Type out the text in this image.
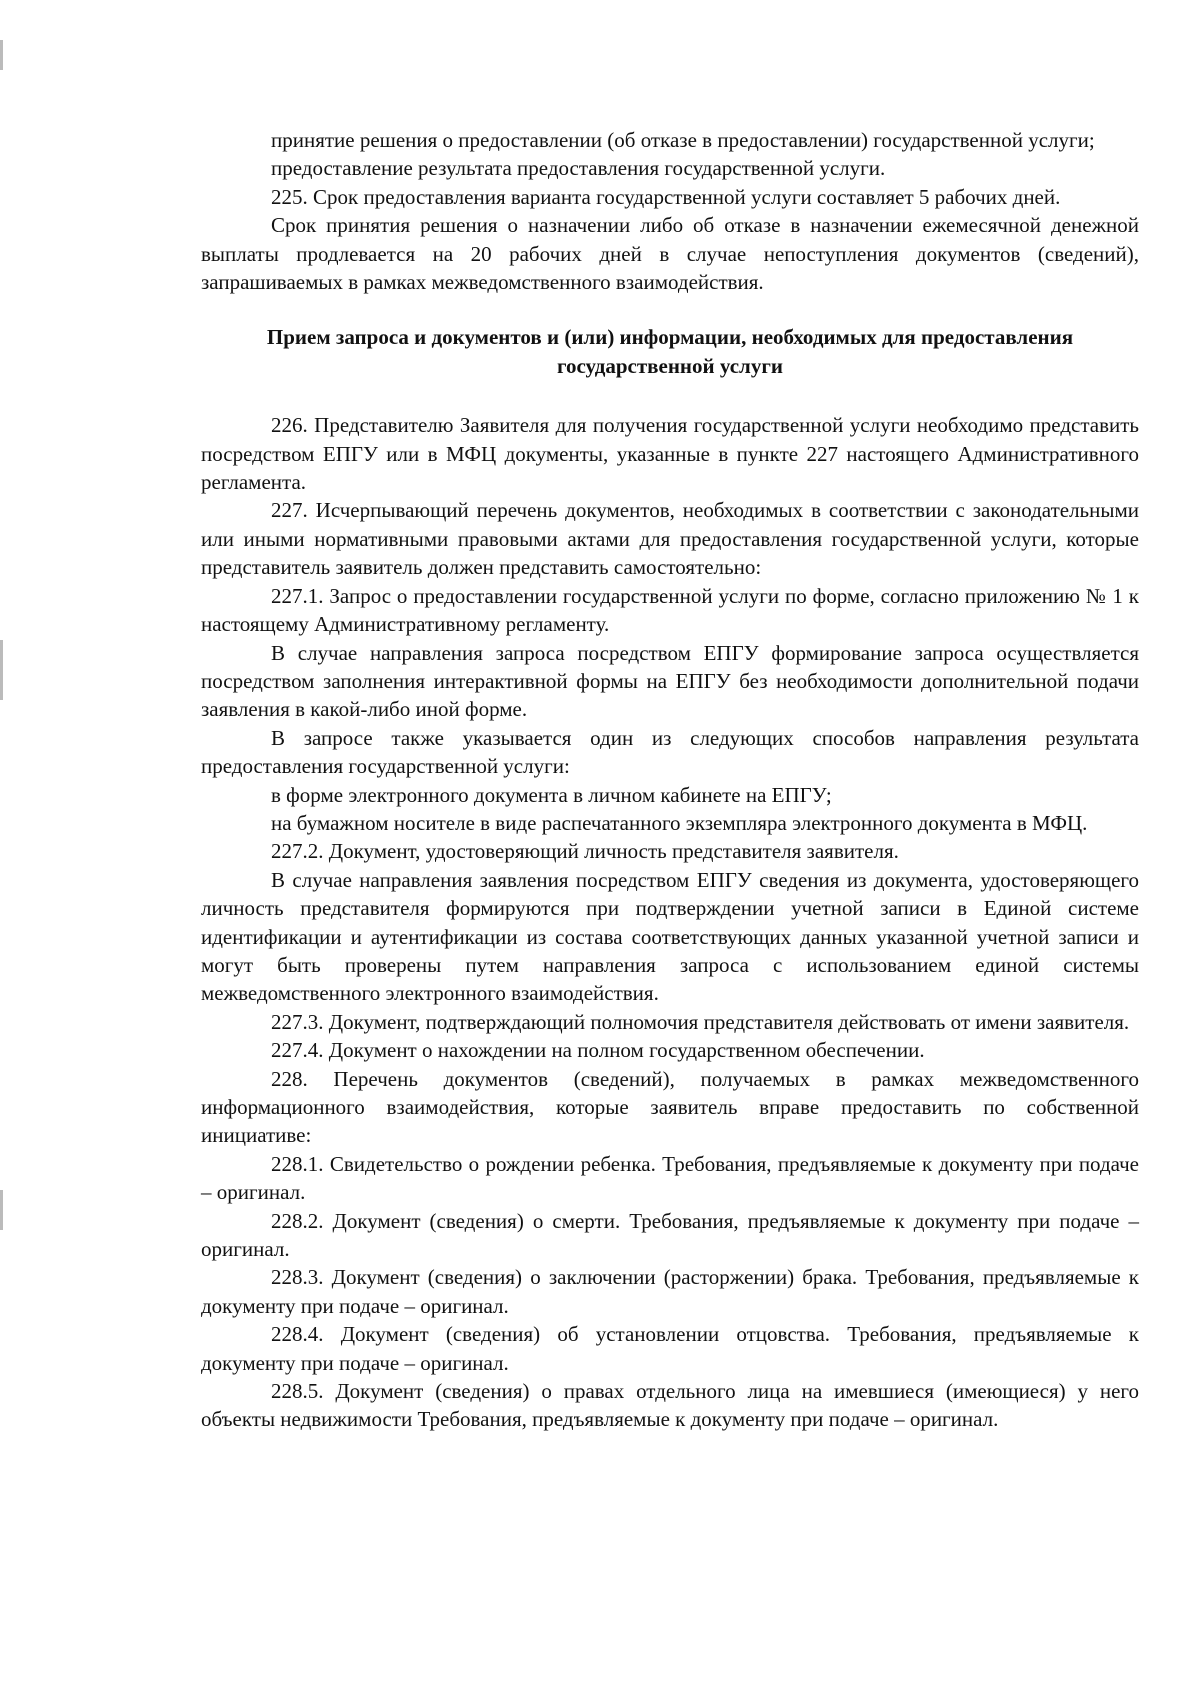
принятие решения о предоставлении (об отказе в предоставлении) государственной услуги;

предоставление результата предоставления государственной услуги.

225. Срок предоставления варианта государственной услуги составляет 5 рабочих дней.

Срок принятия решения о назначении либо об отказе в назначении ежемесячной денежной выплаты продлевается на 20 рабочих дней в случае непоступления документов (сведений), запрашиваемых в рамках межведомственного взаимодействия.

Прием запроса и документов и (или) информации, необходимых для предоставления государственной услуги

226. Представителю Заявителя для получения государственной услуги необходимо представить посредством ЕПГУ или в МФЦ документы, указанные в пункте 227 настоящего Административного регламента.

227. Исчерпывающий перечень документов, необходимых в соответствии с законодательными или иными нормативными правовыми актами для предоставления государственной услуги, которые представитель заявитель должен представить самостоятельно:

227.1. Запрос о предоставлении государственной услуги по форме, согласно приложению № 1 к настоящему Административному регламенту.

В случае направления запроса посредством ЕПГУ формирование запроса осуществляется посредством заполнения интерактивной формы на ЕПГУ без необходимости дополнительной подачи заявления в какой-либо иной форме.

В запросе также указывается один из следующих способов направления результата предоставления государственной услуги:

в форме электронного документа в личном кабинете на ЕПГУ;

на бумажном носителе в виде распечатанного экземпляра электронного документа в МФЦ.

227.2. Документ, удостоверяющий личность представителя заявителя.

В случае направления заявления посредством ЕПГУ сведения из документа, удостоверяющего личность представителя формируются при подтверждении учетной записи в Единой системе идентификации и аутентификации из состава соответствующих данных указанной учетной записи и могут быть проверены путем направления запроса с использованием единой системы межведомственного электронного взаимодействия.

227.3. Документ, подтверждающий полномочия представителя действовать от имени заявителя.

227.4. Документ о нахождении на полном государственном обеспечении.

228. Перечень документов (сведений), получаемых в рамках межведомственного информационного взаимодействия, которые заявитель вправе предоставить по собственной инициативе:

228.1. Свидетельство о рождении ребенка. Требования, предъявляемые к документу при подаче – оригинал.

228.2. Документ (сведения) о смерти. Требования, предъявляемые к документу при подаче – оригинал.

228.3. Документ (сведения) о заключении (расторжении) брака. Требования, предъявляемые к документу при подаче – оригинал.

228.4. Документ (сведения) об установлении отцовства. Требования, предъявляемые к документу при подаче – оригинал.

228.5. Документ (сведения) о правах отдельного лица на имевшиеся (имеющиеся) у него объекты недвижимости Требования, предъявляемые к документу при подаче – оригинал.
